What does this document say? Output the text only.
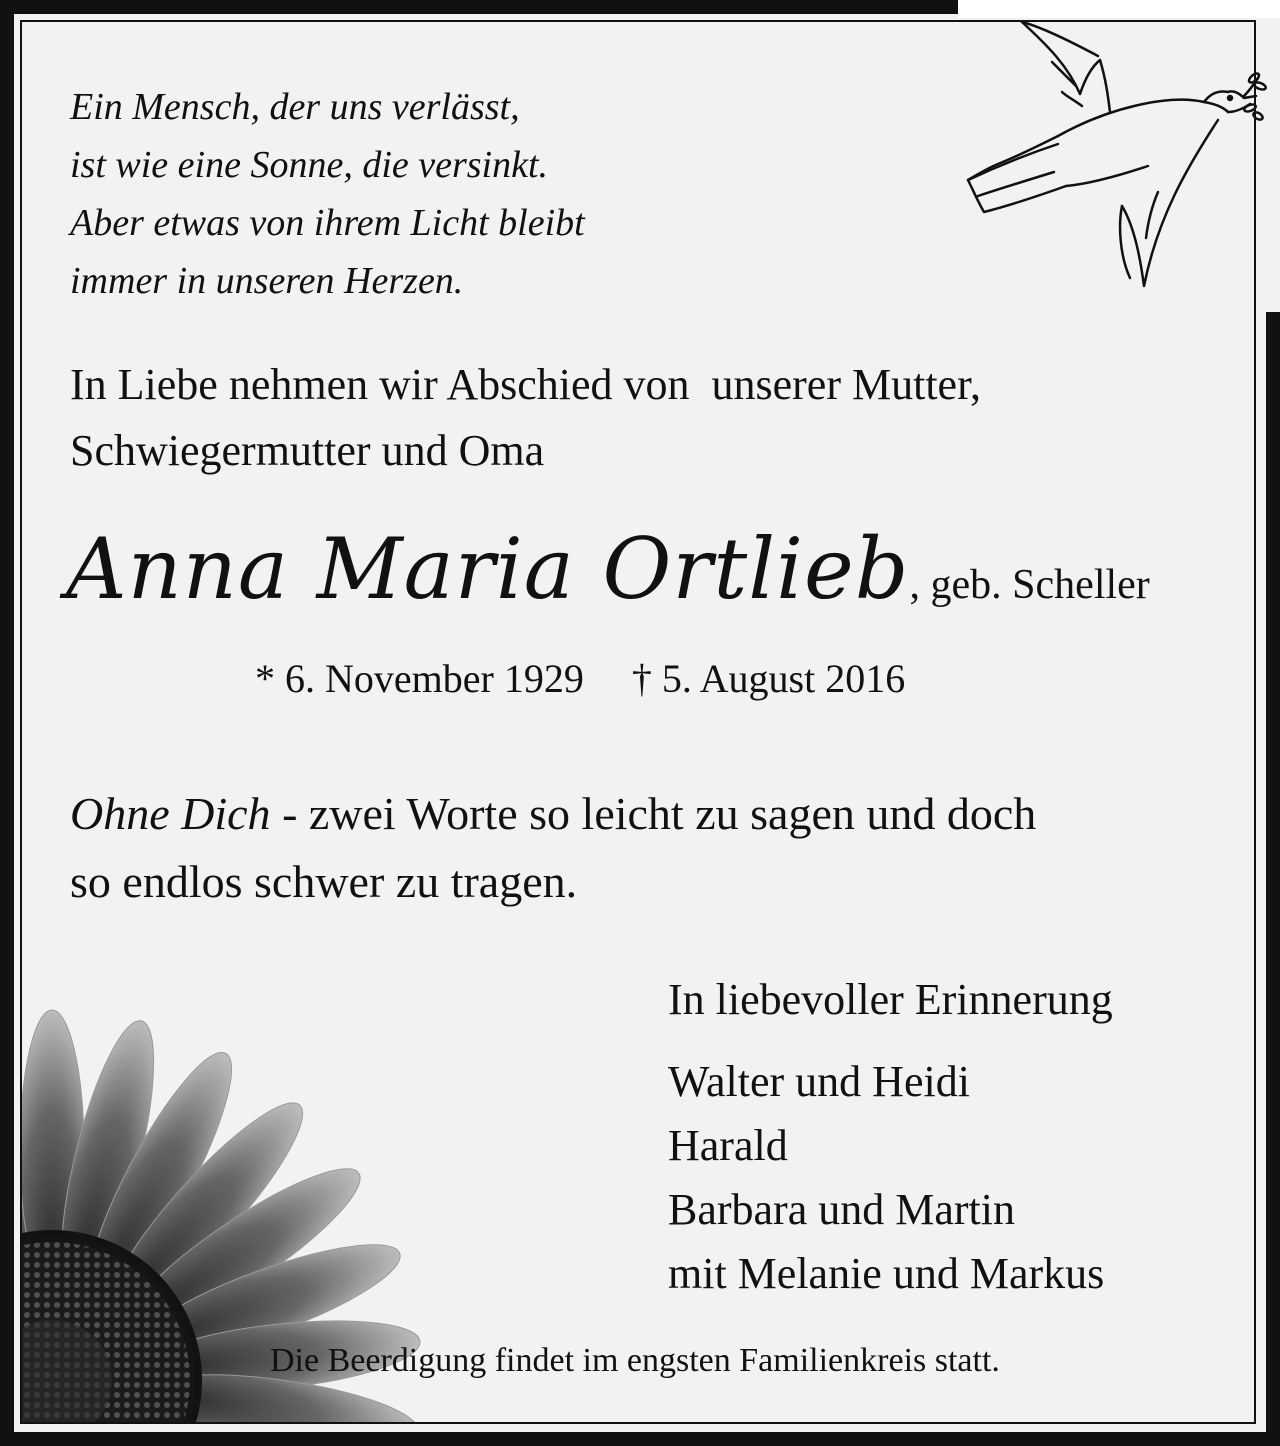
Ein Mensch, der uns verlässt,
ist wie eine Sonne, die versinkt.
Aber etwas von ihrem Licht bleibt
immer in unseren Herzen.
In Liebe nehmen wir Abschied von  unserer Mutter,
Schwiegermutter und Oma
Anna Maria Ortlieb, geb. Scheller
* 6. November 1929 † 5. August 2016
Ohne Dich - zwei Worte so leicht zu sagen und doch
so endlos schwer zu tragen.
In liebevoller Erinnerung
Walter und Heidi
Harald
Barbara und Martin
mit Melanie und Markus
Die Beerdigung findet im engsten Familienkreis statt.
